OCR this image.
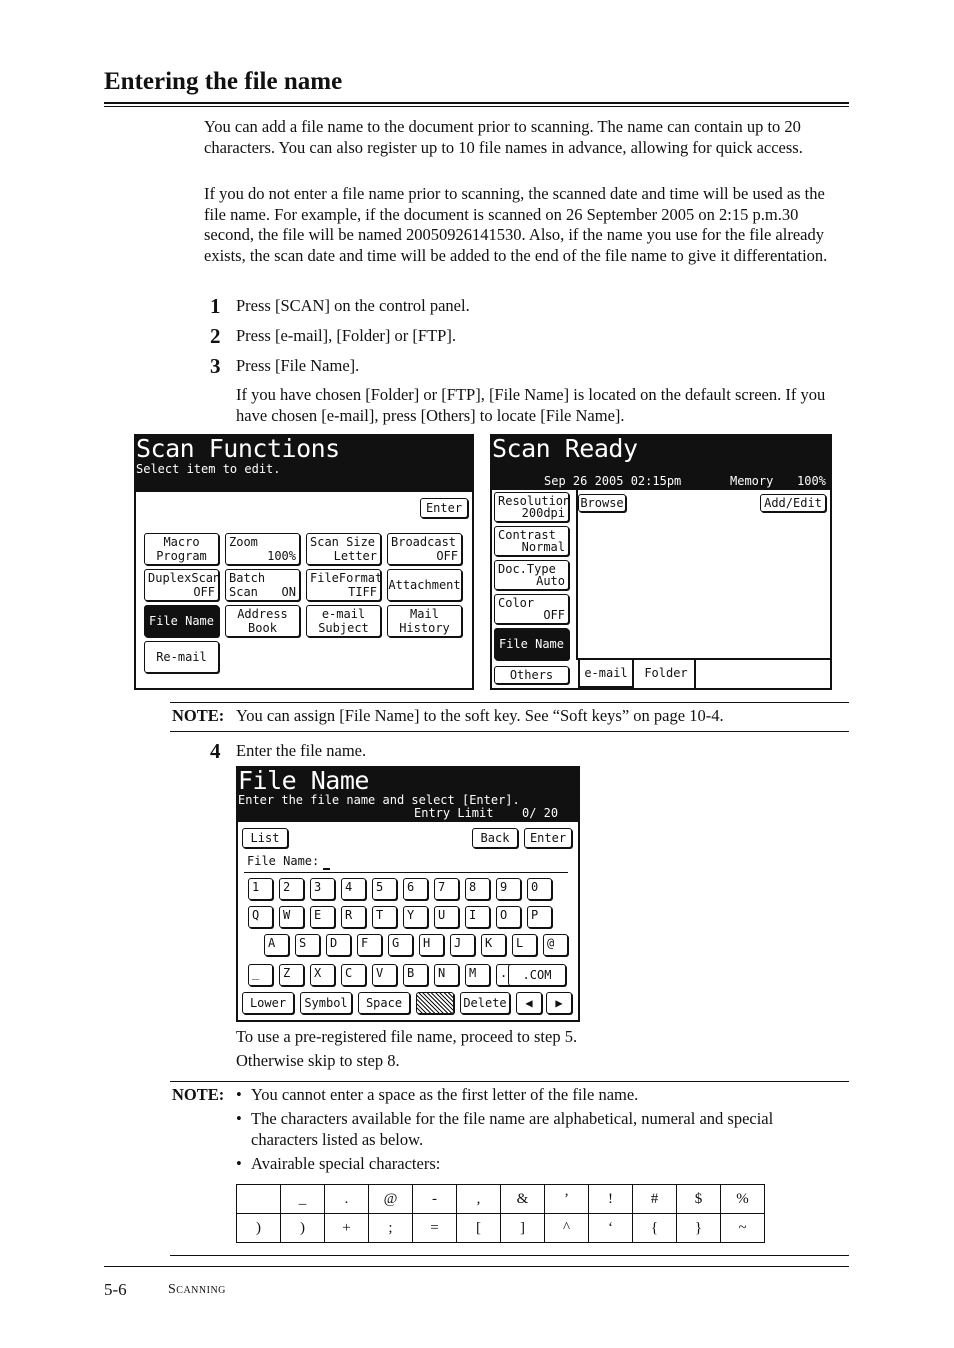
Entering the file name

You can add a file name to the document prior to scanning. The name can contain up to 20 characters. You can also register up to 10 file names in advance, allowing for quick access.

If you do not enter a file name prior to scanning, the scanned date and time will be used as the file name. For example, if the document is scanned on 26 September 2005 on 2:15 p.m.30 second, the file will be named 20050926141530. Also, if the name you use for the file already exists, the scan date and time will be added to the end of the file name to give it differentation.

1 Press [SCAN] on the control panel.
2 Press [e-mail], [Folder] or [FTP].
3 Press [File Name].
If you have chosen [Folder] or [FTP], [File Name] is located on the default screen. If you have chosen [e-mail], press [Others] to locate [File Name].
Scan Functions
Select item to edit.
Enter
Macro
Program
Zoom
100%
Scan Size
Letter
Broadcast
OFF
DuplexScan
OFF
Batch Scan	ON
FileFormat
TIFF Attachment
File Name	Address
Book
e-mail
Subject
Mail
History
Re-mail
Scan Ready
Sep 26 2005 02:15pm	Memory 100%
Resolution
200dpi
Contrast
Normal
Doc.Type
Auto
Color
OFF
File Name
Others
Browse	Add/Edit
e-mail	Folder
NOTE: You can assign [File Name] to the soft key. See “Soft keys” on page 10-4.
4 Enter the file name.
File Name
Enter the file name and select [Enter].
Entry Limit 0/ 20
List	Back	Enter
File Name:
1 2 3 4 5 6 7 8 9 0
Q W E R T Y U I O P
A S D F G H J K L @
_ Z X C V B N M .	.COM
Lower	Symbol	Space	Delete	◀	▶
To use a pre-registered file name, proceed to step 5.
Otherwise skip to step 8.
NOTE: • You cannot enter a space as the first letter of the file name.
• The characters available for the file name are alphabetical, numeral and special characters listed as below.
• Avairable special characters:
	_	.	@	-	,	&	’	!	#	$	%
)	)	+	;	=	[	]	^	‘	{	}	~
5-6	Scanning
